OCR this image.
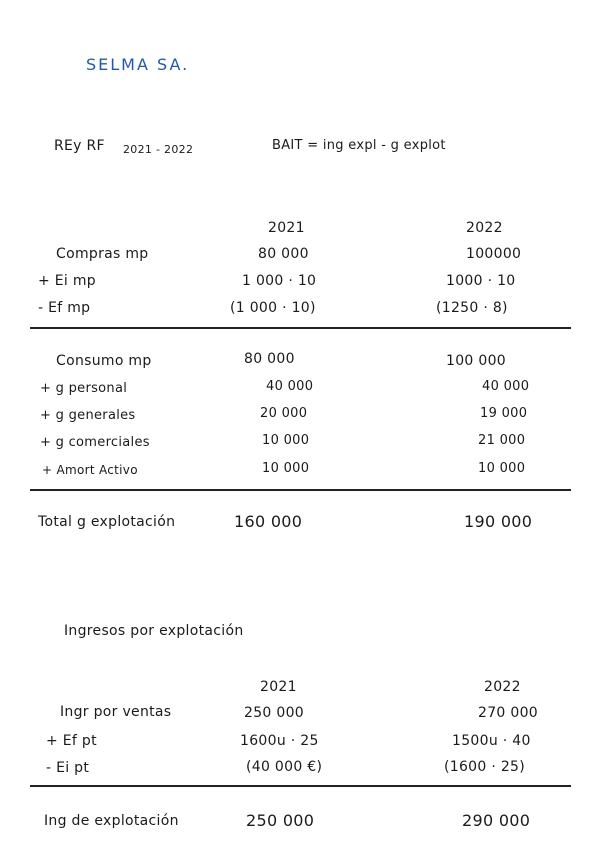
SELMA SA.
REy RF 2021 - 2022	BAIT = ing expl - g explot
2021	2022
Compras mp	80 000	100000
+ Ei mp	1 000 · 10	1000 · 10
- Ef mp	(1 000 · 10)	(1250 · 8)
Consumo mp	80 000	100 000
+ g personal	40 000	40 000
+ g generales	20 000	19 000
+ g comerciales	10 000	21 000
+ Amort Activo	10 000	10 000
Total g explotación	160 000	190 000
Ingresos por explotación
2021	2022
Ingr por ventas	250 000	270 000
+ Ef pt	1600u · 25	1500u · 40
- Ei pt	(40 000 €)	(1600 · 25)
Ing de explotación	250 000	290 000
